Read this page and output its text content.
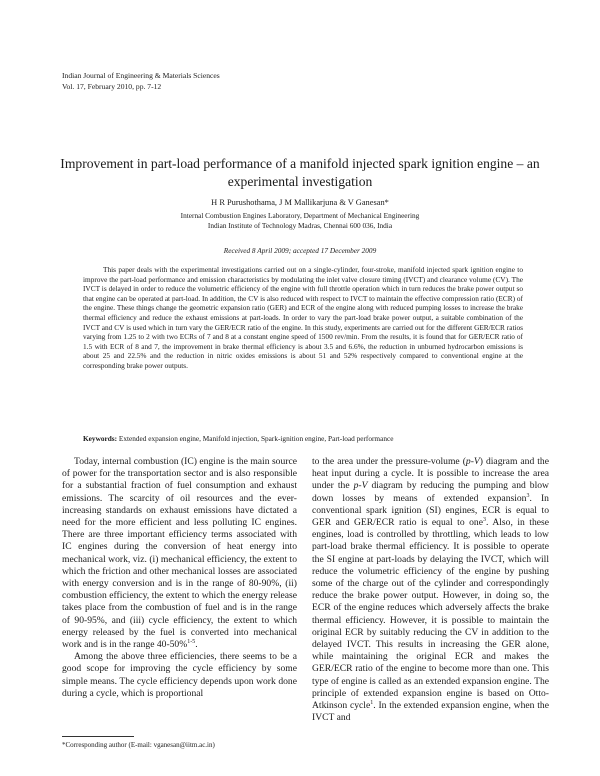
Indian Journal of Engineering & Materials Sciences
Vol. 17, February 2010, pp. 7-12
Improvement in part-load performance of a manifold injected spark ignition engine – an experimental investigation
H R Purushothama, J M Mallikarjuna & V Ganesan*
Internal Combustion Engines Laboratory, Department of Mechanical Engineering
Indian Institute of Technology Madras, Chennai 600 036, India
Received 8 April 2009; accepted 17 December 2009

This paper deals with the experimental investigations carried out on a single-cylinder, four-stroke, manifold injected spark ignition engine to improve the part-load performance and emission characteristics by modulating the inlet valve closure timing (IVCT) and clearance volume (CV). The IVCT is delayed in order to reduce the volumetric efficiency of the engine with full throttle operation which in turn reduces the brake power output so that engine can be operated at part-load. In addition, the CV is also reduced with respect to IVCT to maintain the effective compression ratio (ECR) of the engine. These things change the geometric expansion ratio (GER) and ECR of the engine along with reduced pumping losses to increase the brake thermal efficiency and reduce the exhaust emissions at part-loads. In order to vary the part-load brake power output, a suitable combination of the IVCT and CV is used which in turn vary the GER/ECR ratio of the engine. In this study, experiments are carried out for the different GER/ECR ratios varying from 1.25 to 2 with two ECRs of 7 and 8 at a constant engine speed of 1500 rev/min. From the results, it is found that for GER/ECR ratio of 1.5 with ECR of 8 and 7, the improvement in brake thermal efficiency is about 3.5 and 6.6%, the reduction in unburned hydrocarbon emissions is about 25 and 22.5% and the reduction in nitric oxides emissions is about 51 and 52% respectively compared to conventional engine at the corresponding brake power outputs.

Keywords: Extended expansion engine, Manifold injection, Spark-ignition engine, Part-load performance

Today, internal combustion (IC) engine is the main source of power for the transportation sector and is also responsible for a substantial fraction of fuel consumption and exhaust emissions. The scarcity of oil resources and the ever-increasing standards on exhaust emissions have dictated a need for the more efficient and less polluting IC engines. There are three important efficiency terms associated with IC engines during the conversion of heat energy into mechanical work, viz. (i) mechanical efficiency, the extent to which the friction and other mechanical losses are associated with energy conversion and is in the range of 80-90%, (ii) combustion efficiency, the extent to which the energy release takes place from the combustion of fuel and is in the range of 90-95%, and (iii) cycle efficiency, the extent to which energy released by the fuel is converted into mechanical work and is in the range 40-50%$^{1-5}$.

Among the above three efficiencies, there seems to be a good scope for improving the cycle efficiency by some simple means. The cycle efficiency depends upon work done during a cycle, which is proportional

to the area under the pressure-volume (p-V) diagram and the heat input during a cycle. It is possible to increase the area under the p-V diagram by reducing the pumping and blow down losses by means of extended expansion$^3$. In conventional spark ignition (SI) engines, ECR is equal to GER and GER/ECR ratio is equal to one$^3$. Also, in these engines, load is controlled by throttling, which leads to low part-load brake thermal efficiency. It is possible to operate the SI engine at part-loads by delaying the IVCT, which will reduce the volumetric efficiency of the engine by pushing some of the charge out of the cylinder and correspondingly reduce the brake power output. However, in doing so, the ECR of the engine reduces which adversely affects the brake thermal efficiency. However, it is possible to maintain the original ECR by suitably reducing the CV in addition to the delayed IVCT. This results in increasing the GER alone, while maintaining the original ECR and makes the GER/ECR ratio of the engine to become more than one. This type of engine is called as an extended expansion engine. The principle of extended expansion engine is based on Otto-Atkinson cycle$^1$. In the extended expansion engine, when the IVCT and

*Corresponding author (E-mail: vganesan@iitm.ac.in)
